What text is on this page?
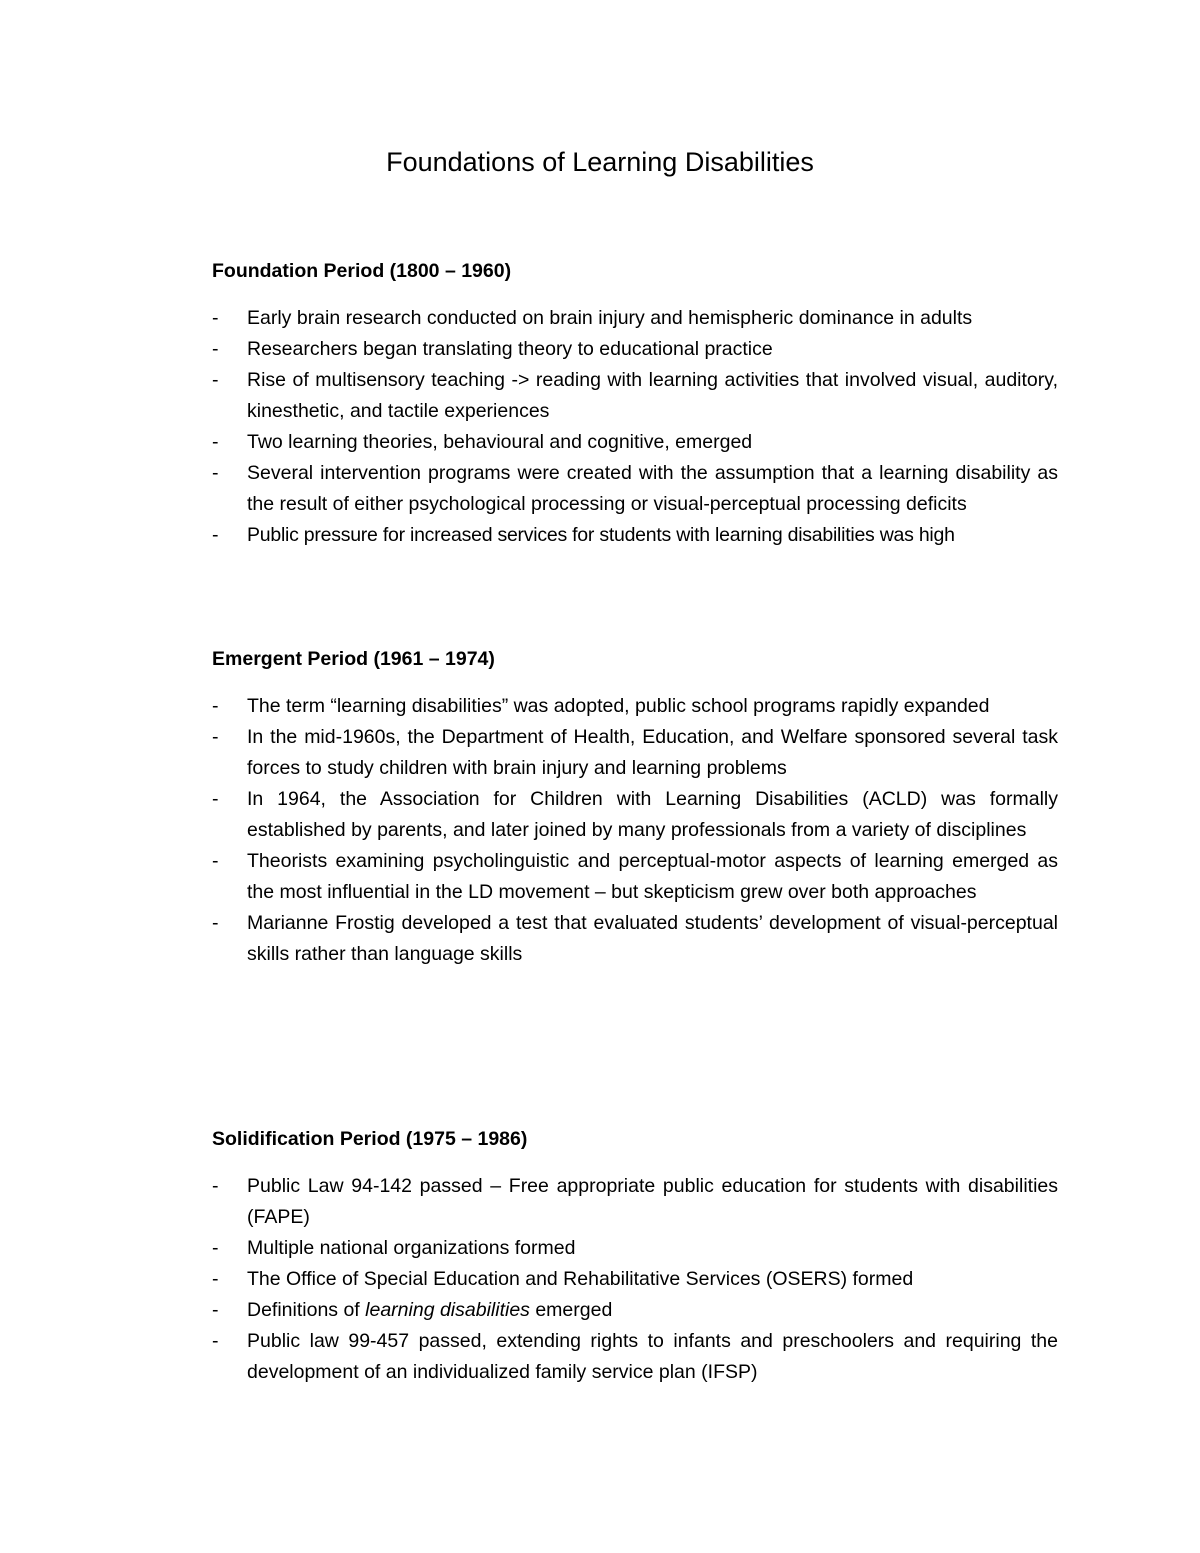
Foundations of Learning Disabilities
Foundation Period (1800 – 1960)
-	Early brain research conducted on brain injury and hemispheric dominance in adults
-	Researchers began translating theory to educational practice
-	Rise of multisensory teaching -> reading with learning activities that involved visual, auditory, kinesthetic, and tactile experiences
-	Two learning theories, behavioural and cognitive, emerged
-	Several intervention programs were created with the assumption that a learning disability as the result of either psychological processing or visual-perceptual processing deficits
-	Public pressure for increased services for students with learning disabilities was high
Emergent Period (1961 – 1974)
-	The term “learning disabilities” was adopted, public school programs rapidly expanded
-	In the mid-1960s, the Department of Health, Education, and Welfare sponsored several task forces to study children with brain injury and learning problems
-	In 1964, the Association for Children with Learning Disabilities (ACLD) was formally established by parents, and later joined by many professionals from a variety of disciplines
-	Theorists examining psycholinguistic and perceptual-motor aspects of learning emerged as the most influential in the LD movement – but skepticism grew over both approaches
-	Marianne Frostig developed a test that evaluated students’ development of visual-perceptual skills rather than language skills
Solidification Period (1975 – 1986)
-	Public Law 94-142 passed – Free appropriate public education for students with disabilities (FAPE)
-	Multiple national organizations formed
-	The Office of Special Education and Rehabilitative Services (OSERS) formed
-	Definitions of learning disabilities emerged
-	Public law 99-457 passed, extending rights to infants and preschoolers and requiring the development of an individualized family service plan (IFSP)
